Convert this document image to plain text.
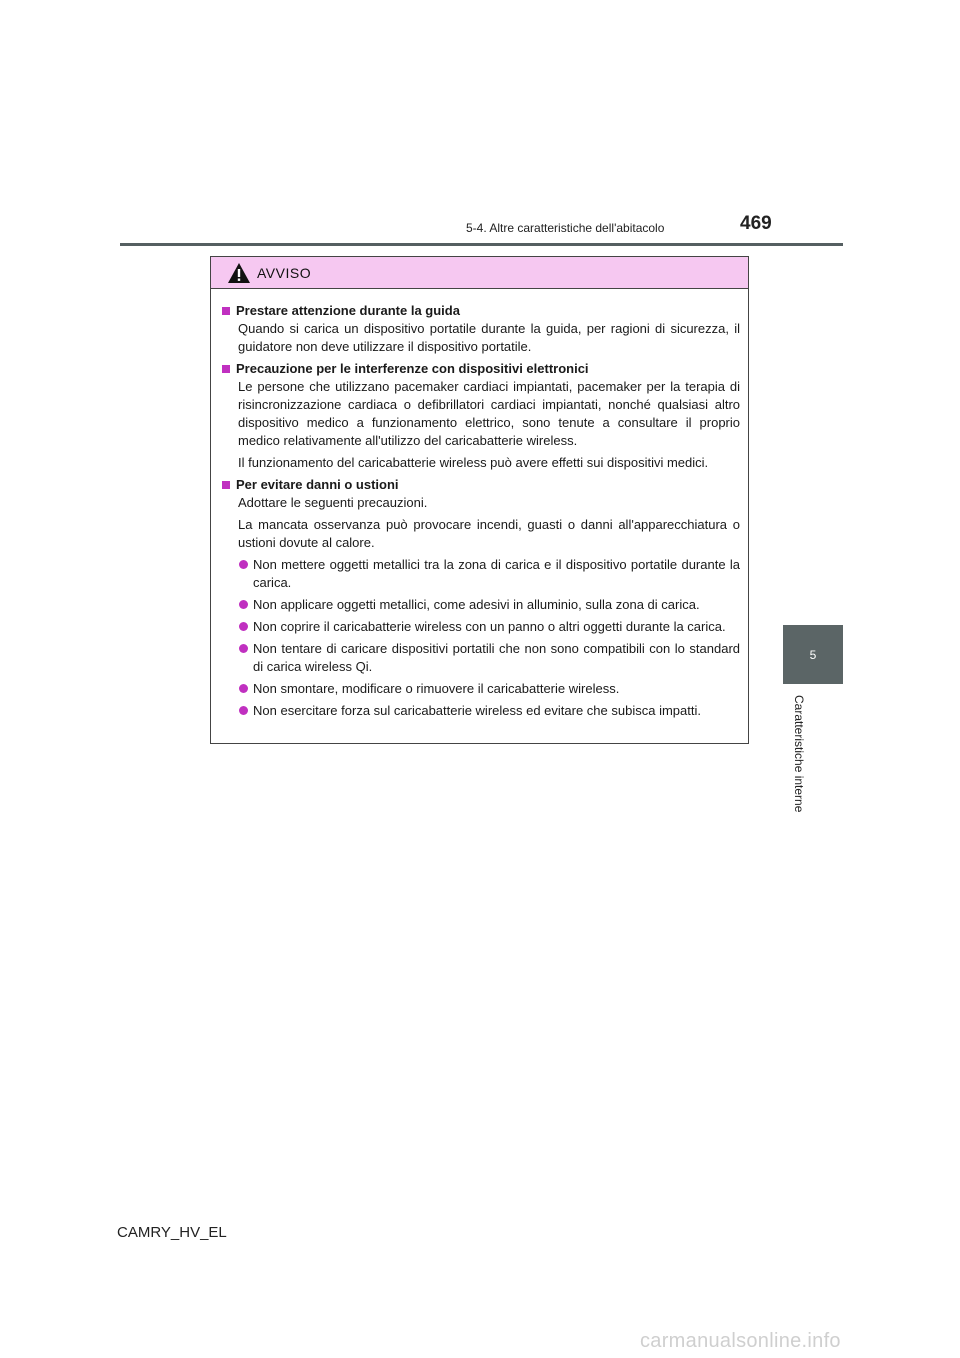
5-4. Altre caratteristiche dell'abitacolo	469
5
Caratteristiche interne
AVVISO
Prestare attenzione durante la guida

Quando si carica un dispositivo portatile durante la guida, per ragioni di sicurezza, il guidatore non deve utilizzare il dispositivo portatile.

Precauzione per le interferenze con dispositivi elettronici

Le persone che utilizzano pacemaker cardiaci impiantati, pacemaker per la terapia di risincronizzazione cardiaca o defibrillatori cardiaci impiantati, nonché qualsiasi altro dispositivo medico a funzionamento elettrico, sono tenute a consultare il proprio medico relativamente all'utilizzo del caricabatterie wireless.

Il funzionamento del caricabatterie wireless può avere effetti sui dispositivi medici.

Per evitare danni o ustioni

Adottare le seguenti precauzioni.

La mancata osservanza può provocare incendi, guasti o danni all'apparecchiatura o ustioni dovute al calore.

Non mettere oggetti metallici tra la zona di carica e il dispositivo portatile durante la carica.
Non applicare oggetti metallici, come adesivi in alluminio, sulla zona di carica.
Non coprire il caricabatterie wireless con un panno o altri oggetti durante la carica.
Non tentare di caricare dispositivi portatili che non sono compatibili con lo standard di carica wireless Qi.
Non smontare, modificare o rimuovere il caricabatterie wireless.
Non esercitare forza sul caricabatterie wireless ed evitare che subisca impatti.
CAMRY_HV_EL
carmanualsonline.info
